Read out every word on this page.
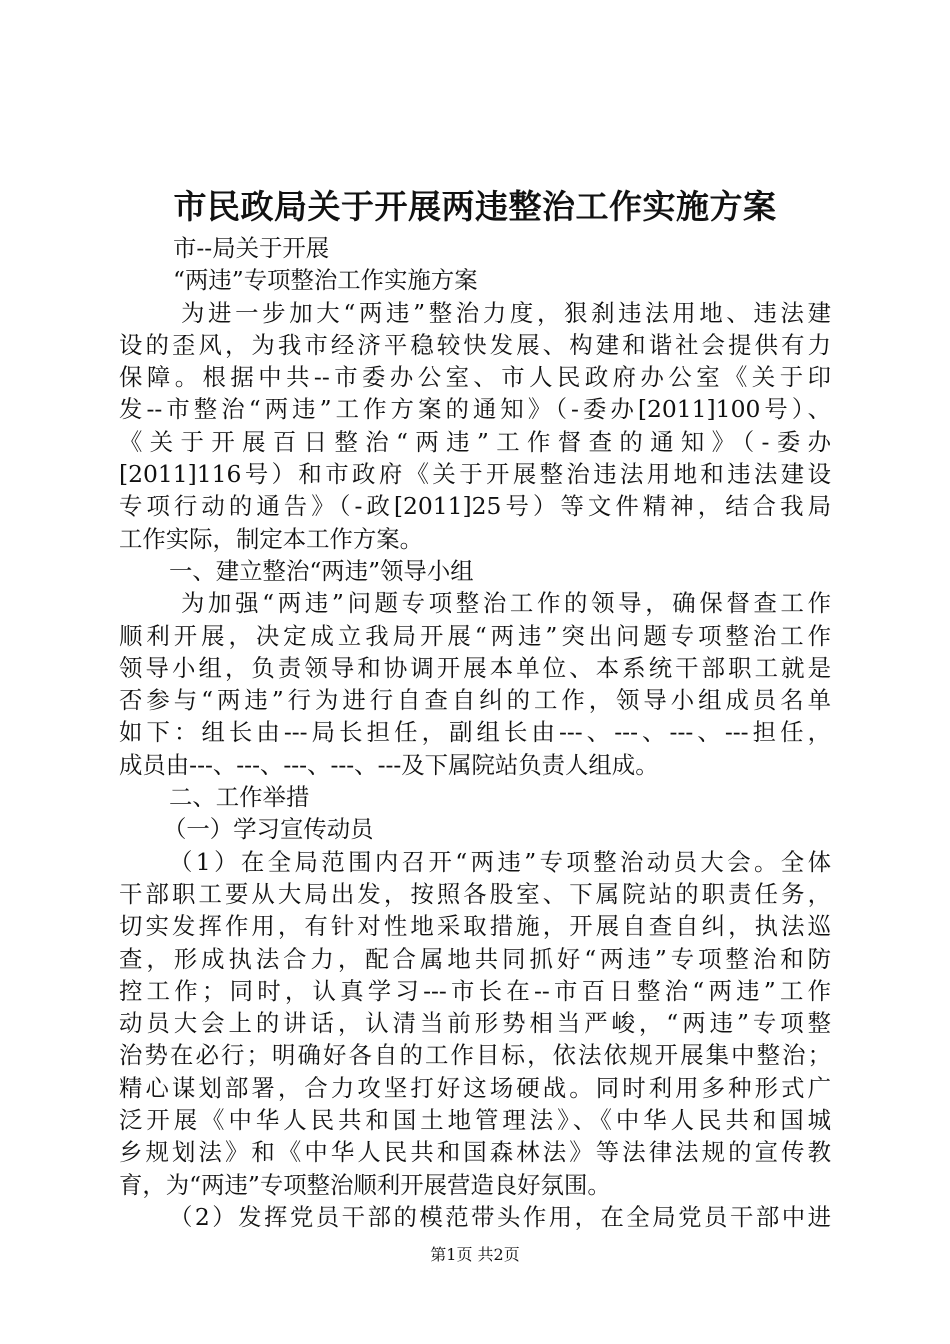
市民政局关于开展两违整治工作实施方案
市--局关于开展
“两违”专项整治工作实施方案
为进一步加大“两违”整治力度，狠刹违法用地、违法建
设的歪风，为我市经济平稳较快发展、构建和谐社会提供有力
保障。根据中共--市委办公室、市人民政府办公室《关于印
发--市整治“两违”工作方案的通知》（-委办[2011]100号）、
《关于开展百日整治“两违”工作督查的通知》（-委办
[2011]116号）和市政府《关于开展整治违法用地和违法建设
专项行动的通告》（-政[2011]25号）等文件精神，结合我局
工作实际，制定本工作方案。
一、建立整治“两违”领导小组
为加强“两违”问题专项整治工作的领导，确保督查工作
顺利开展，决定成立我局开展“两违”突出问题专项整治工作
领导小组，负责领导和协调开展本单位、本系统干部职工就是
否参与“两违”行为进行自查自纠的工作，领导小组成员名单
如下：组长由---局长担任，副组长由---、---、---、---担任，
成员由---、---、---、---、---及下属院站负责人组成。
二、工作举措
（一）学习宣传动员
（1）在全局范围内召开“两违”专项整治动员大会。全体
干部职工要从大局出发，按照各股室、下属院站的职责任务，
切实发挥作用，有针对性地采取措施，开展自查自纠，执法巡
查，形成执法合力，配合属地共同抓好“两违”专项整治和防
控工作；同时，认真学习---市长在--市百日整治“两违”工作
动员大会上的讲话，认清当前形势相当严峻，“两违”专项整
治势在必行；明确好各自的工作目标，依法依规开展集中整治；
精心谋划部署，合力攻坚打好这场硬战。同时利用多种形式广
泛开展《中华人民共和国土地管理法》、《中华人民共和国城
乡规划法》和《中华人民共和国森林法》等法律法规的宣传教
育，为“两违”专项整治顺利开展营造良好氛围。
（2）发挥党员干部的模范带头作用，在全局党员干部中进
第1页 共2页
